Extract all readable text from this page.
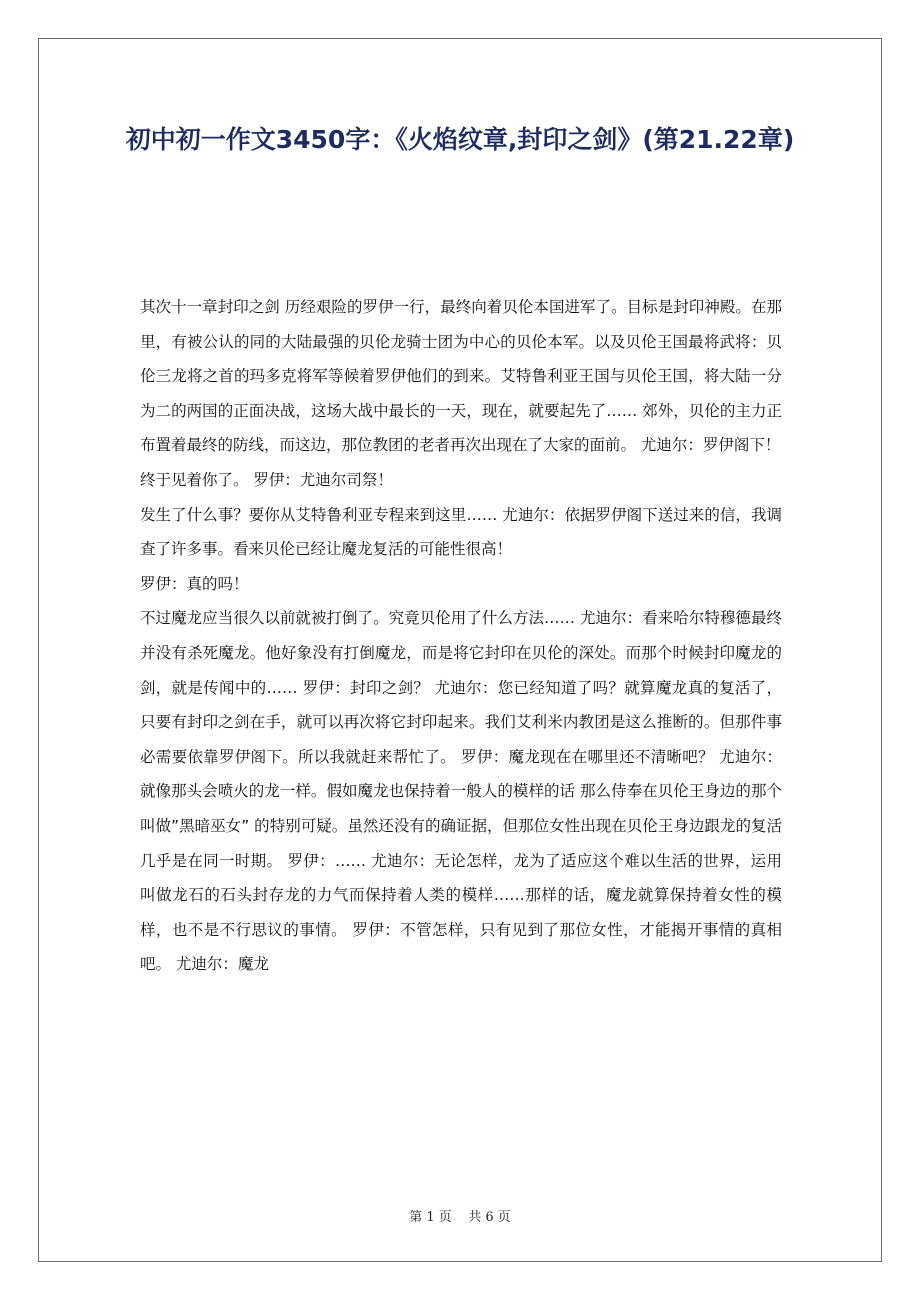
初中初一作文3450字：《火焰纹章,封印之剑》(第21.22章)

其次十一章封印之剑 历经艰险的罗伊一行，最终向着贝伦本国进军了。目标是封印神殿。在那里，有被公认的同的大陆最强的贝伦龙骑士团为中心的贝伦本军。以及贝伦王国最将武将：贝伦三龙将之首的玛多克将军等候着罗伊他们的到来。艾特鲁利亚王国与贝伦王国，将大陆一分为二的两国的正面决战，这场大战中最长的一天，现在，就要起先了…… 郊外，贝伦的主力正布置着最终的防线，而这边，那位教团的老者再次出现在了大家的面前。 尤迪尔：罗伊阁下！

终于见着你了。 罗伊：尤迪尔司祭！

发生了什么事？要你从艾特鲁利亚专程来到这里…… 尤迪尔：依据罗伊阁下送过来的信，我调查了许多事。看来贝伦已经让魔龙复活的可能性很高！

罗伊：真的吗！

不过魔龙应当很久以前就被打倒了。究竟贝伦用了什么方法…… 尤迪尔：看来哈尔特穆德最终并没有杀死魔龙。他好象没有打倒魔龙，而是将它封印在贝伦的深处。而那个时候封印魔龙的剑，就是传闻中的…… 罗伊：封印之剑？ 尤迪尔：您已经知道了吗？就算魔龙真的复活了，只要有封印之剑在手，就可以再次将它封印起来。我们艾利米内教团是这么推断的。但那件事必需要依靠罗伊阁下。所以我就赶来帮忙了。 罗伊：魔龙现在在哪里还不清晰吧？ 尤迪尔：就像那头会喷火的龙一样。假如魔龙也保持着一般人的模样的话 那么侍奉在贝伦王身边的那个叫做”黑暗巫女” 的特别可疑。虽然还没有的确证据，但那位女性出现在贝伦王身边跟龙的复活几乎是在同一时期。 罗伊：…… 尤迪尔：无论怎样，龙为了适应这个难以生活的世界，运用叫做龙石的石头封存龙的力气而保持着人类的模样……那样的话，魔龙就算保持着女性的模样，也不是不行思议的事情。 罗伊：不管怎样，只有见到了那位女性，才能揭开事情的真相吧。 尤迪尔：魔龙

第 1 页    共 6 页
